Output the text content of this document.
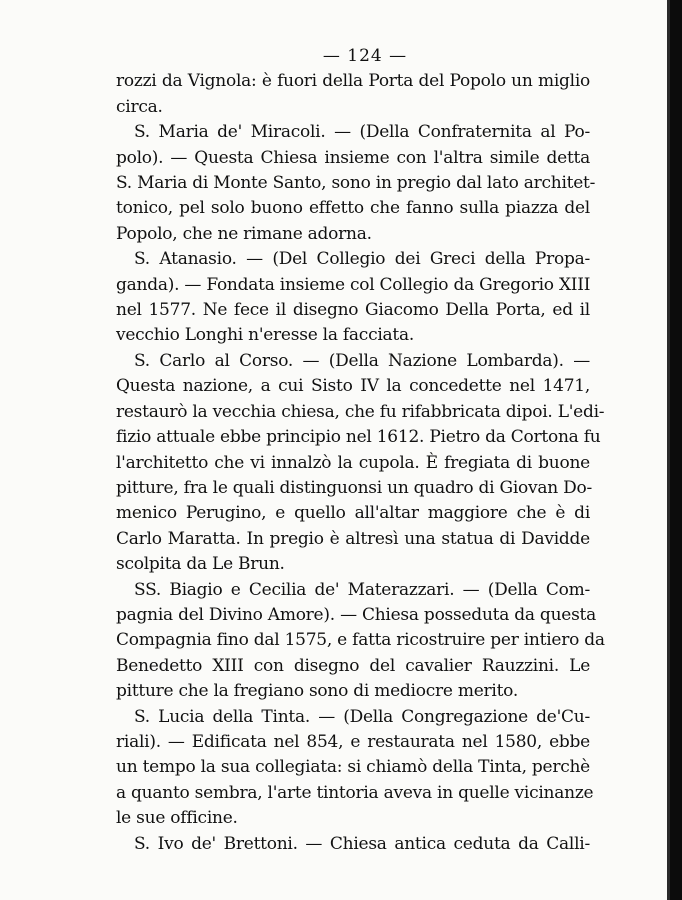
— 124 —
rozzi da Vignola: è fuori della Porta del Popolo un miglio
circa.
S. Maria de' Miracoli. — (Della Confraternita al Po-
polo). — Questa Chiesa insieme con l'altra simile detta
S. Maria di Monte Santo, sono in pregio dal lato architet-
tonico, pel solo buono effetto che fanno sulla piazza del
Popolo, che ne rimane adorna.
S. Atanasio. — (Del Collegio dei Greci della Propa-
ganda). — Fondata insieme col Collegio da Gregorio XIII
nel 1577. Ne fece il disegno Giacomo Della Porta, ed il
vecchio Longhi n'eresse la facciata.
S. Carlo al Corso. — (Della Nazione Lombarda). —
Questa nazione, a cui Sisto IV la concedette nel 1471,
restaurò la vecchia chiesa, che fu rifabbricata dipoi. L'edi-
fizio attuale ebbe principio nel 1612. Pietro da Cortona fu
l'architetto che vi innalzò la cupola. È fregiata di buone
pitture, fra le quali distinguonsi un quadro di Giovan Do-
menico Perugino, e quello all'altar maggiore che è di
Carlo Maratta. In pregio è altresì una statua di Davidde
scolpita da Le Brun.
SS. Biagio e Cecilia de' Materazzari. — (Della Com-
pagnia del Divino Amore). — Chiesa posseduta da questa
Compagnia fino dal 1575, e fatta ricostruire per intiero da
Benedetto XIII con disegno del cavalier Rauzzini. Le
pitture che la fregiano sono di mediocre merito.
S. Lucia della Tinta. — (Della Congregazione de'Cu-
riali). — Edificata nel 854, e restaurata nel 1580, ebbe
un tempo la sua collegiata: si chiamò della Tinta, perchè
a quanto sembra, l'arte tintoria aveva in quelle vicinanze
le sue officine.
S. Ivo de' Brettoni. — Chiesa antica ceduta da Calli-
